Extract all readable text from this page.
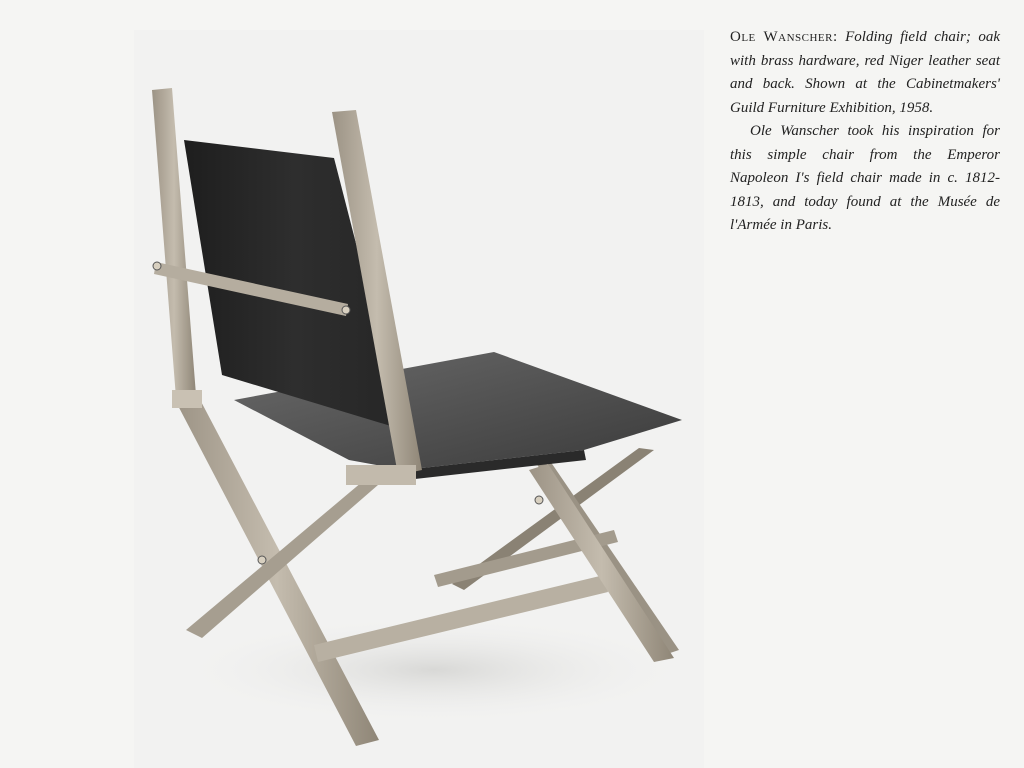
Ole Wanscher: Folding field chair; oak with brass hardware, red Niger leather seat and back. Shown at the Cabinetmakers' Guild Furniture Exhibition, 1958.

Ole Wanscher took his inspiration for this simple chair from the Emperor Napoleon I's field chair made in c. 1812-1813, and today found at the Musée de l'Armée in Paris.
